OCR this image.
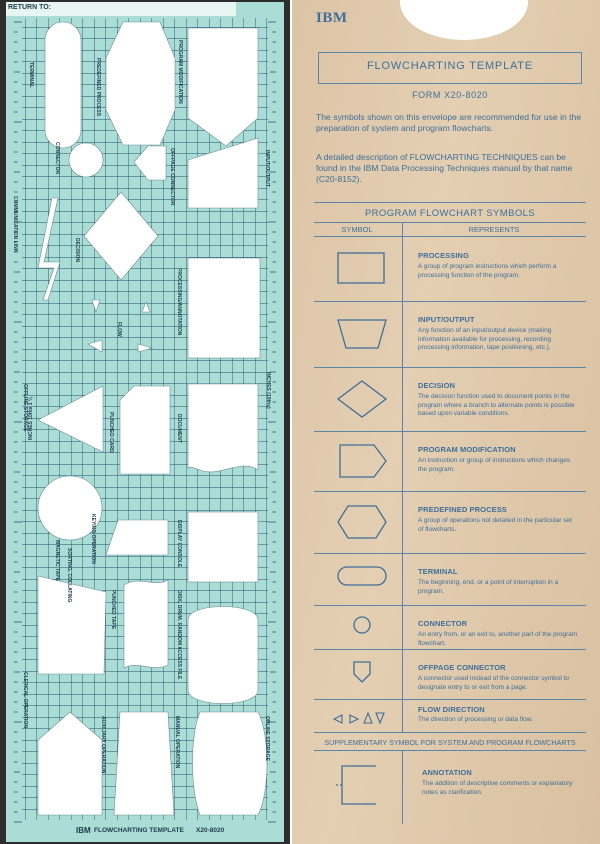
RETURN TO:
IBM FLOWCHARTING TEMPLATE X20-8020
INCHES 10ths 1 ⅛
INCHES (10ths)
TERMINAL	PREDEFINED PROCESS	PROGRAM MODIFICATION
CONNECTOR	OFFPAGE CONNECTOR	INPUT/OUTPUT
COMMUNICATION LINK	DECISION
PROCESSING/ANNOTATION
FLOW
OFFLINE STORAGE
PUNCHED CARD	DOCUMENT
MAGNETIC TAPE	KEYING OPERATION	DISPLAY CONSOLE
PUNCHED TAPE	DISK, DRUM, RANDOM ACCESS FILE
CLERICAL OPERATION
SORTING, COLLATING
AUXILIARY OPERATION	MANUAL OPERATION	ONLINE STORAGE
IBM
FLOWCHARTING TEMPLATE
FORM X20-8020
The symbols shown on this envelope are recommended for use in the preparation of system and program flowcharts.
A detailed description of FLOWCHARTING TECHNIQUES can be found in the IBM Data Processing Techniques manual by that name (C20-8152).
PROGRAM FLOWCHART SYMBOLS
SYMBOL	REPRESENTS
PROCESSING
A group of program instructions which perform a processing function of the program.
INPUT/OUTPUT
Any function of an input/output device (making information available for processing, recording processing information, tape positioning, etc.).
DECISION
The decision function used to document points in the program where a branch to alternate points is possible based upon variable conditions.
PROGRAM MODIFICATION
An instruction or group of instructions which changes the program.
PREDEFINED PROCESS
A group of operations not detailed in the particular set of flowcharts.
TERMINAL
The beginning, end, or a point of interruption in a program.
CONNECTOR
An entry from, or an exit to, another part of the program flowchart.
OFFPAGE CONNECTOR
A connector used instead of the connector symbol to designate entry to or exit from a page.
FLOW DIRECTION
The direction of processing or data flow.
SUPPLEMENTARY SYMBOL FOR SYSTEM AND PROGRAM FLOWCHARTS
ANNOTATION
The addition of descriptive comments or explanatory notes as clarification.
